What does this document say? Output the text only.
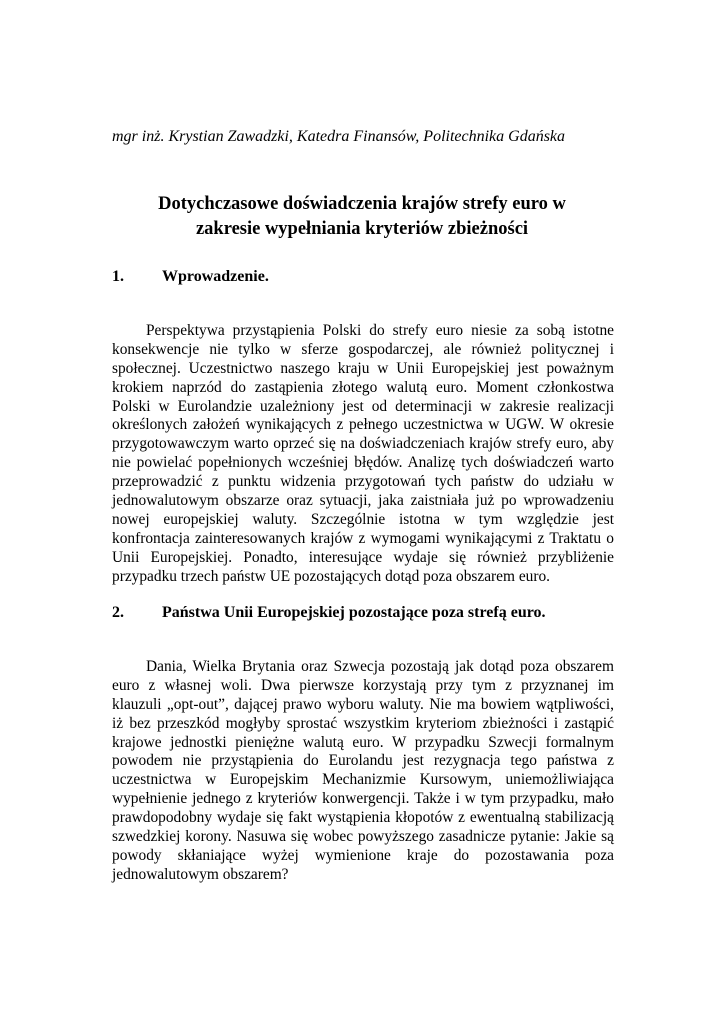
mgr inż. Krystian Zawadzki, Katedra Finansów, Politechnika Gdańska
Dotychczasowe doświadczenia krajów strefy euro w
zakresie wypełniania kryteriów zbieżności
1. Wprowadzenie.
Perspektywa przystąpienia Polski do strefy euro niesie za sobą istotne
konsekwencje nie tylko w sferze gospodarczej, ale również politycznej i
społecznej. Uczestnictwo naszego kraju w Unii Europejskiej jest poważnym
krokiem naprzód do zastąpienia złotego walutą euro. Moment członkostwa
Polski w Eurolandzie uzależniony jest od determinacji w zakresie realizacji
określonych założeń wynikających z pełnego uczestnictwa w UGW. W okresie
przygotowawczym warto oprzeć się na doświadczeniach krajów strefy euro, aby
nie powielać popełnionych wcześniej błędów. Analizę tych doświadczeń warto
przeprowadzić z punktu widzenia przygotowań tych państw do udziału w
jednowalutowym obszarze oraz sytuacji, jaka zaistniała już po wprowadzeniu
nowej europejskiej waluty. Szczególnie istotna w tym względzie jest
konfrontacja zainteresowanych krajów z wymogami wynikającymi z Traktatu o
Unii Europejskiej. Ponadto, interesujące wydaje się również przybliżenie
przypadku trzech państw UE pozostających dotąd poza obszarem euro.
2. Państwa Unii Europejskiej pozostające poza strefą euro.
Dania, Wielka Brytania oraz Szwecja pozostają jak dotąd poza obszarem
euro z własnej woli. Dwa pierwsze korzystają przy tym z przyznanej im
klauzuli „opt-out”, dającej prawo wyboru waluty. Nie ma bowiem wątpliwości,
iż bez przeszkód mogłyby sprostać wszystkim kryteriom zbieżności i zastąpić
krajowe jednostki pieniężne walutą euro. W przypadku Szwecji formalnym
powodem nie przystąpienia do Eurolandu jest rezygnacja tego państwa z
uczestnictwa w Europejskim Mechanizmie Kursowym, uniemożliwiająca
wypełnienie jednego z kryteriów konwergencji. Także i w tym przypadku, mało
prawdopodobny wydaje się fakt wystąpienia kłopotów z ewentualną stabilizacją
szwedzkiej korony. Nasuwa się wobec powyższego zasadnicze pytanie: Jakie są
powody skłaniające wyżej wymienione kraje do pozostawania poza
jednowalutowym obszarem?
